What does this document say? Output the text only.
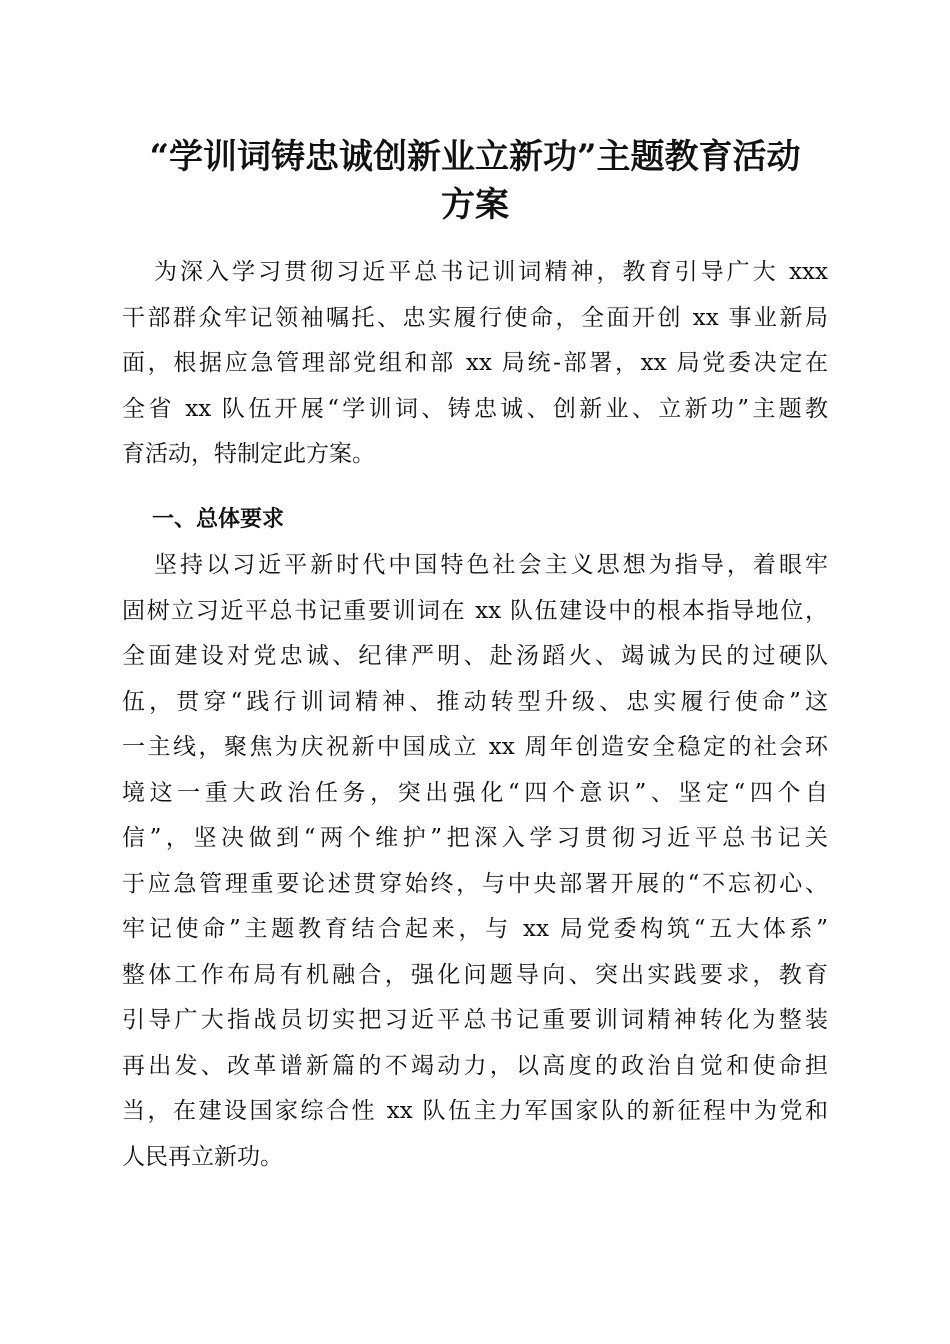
“学训词铸忠诚创新业立新功”主题教育活动
方案
为深入学习贯彻习近平总书记训词精神，教育引导广大 xxx
干部群众牢记领袖嘱托、忠实履行使命，全面开创 xx 事业新局
面，根据应急管理部党组和部 xx 局统-部署，xx 局党委决定在
全省 xx 队伍开展“学训词、铸忠诚、创新业、立新功”主题教
育活动，特制定此方案。
一、总体要求
坚持以习近平新时代中国特色社会主义思想为指导，着眼牢
固树立习近平总书记重要训词在 xx 队伍建设中的根本指导地位，
全面建设对党忠诚、纪律严明、赴汤蹈火、竭诚为民的过硬队
伍，贯穿“践行训词精神、推动转型升级、忠实履行使命”这
一主线，聚焦为庆祝新中国成立 xx 周年创造安全稳定的社会环
境这一重大政治任务，突出强化“四个意识”、坚定“四个自
信”，坚决做到“两个维护”把深入学习贯彻习近平总书记关
于应急管理重要论述贯穿始终，与中央部署开展的“不忘初心、
牢记使命”主题教育结合起来，与 xx 局党委构筑“五大体系”
整体工作布局有机融合，强化问题导向、突出实践要求，教育
引导广大指战员切实把习近平总书记重要训词精神转化为整装
再出发、改革谱新篇的不竭动力，以高度的政治自觉和使命担
当，在建设国家综合性 xx 队伍主力军国家队的新征程中为党和
人民再立新功。
